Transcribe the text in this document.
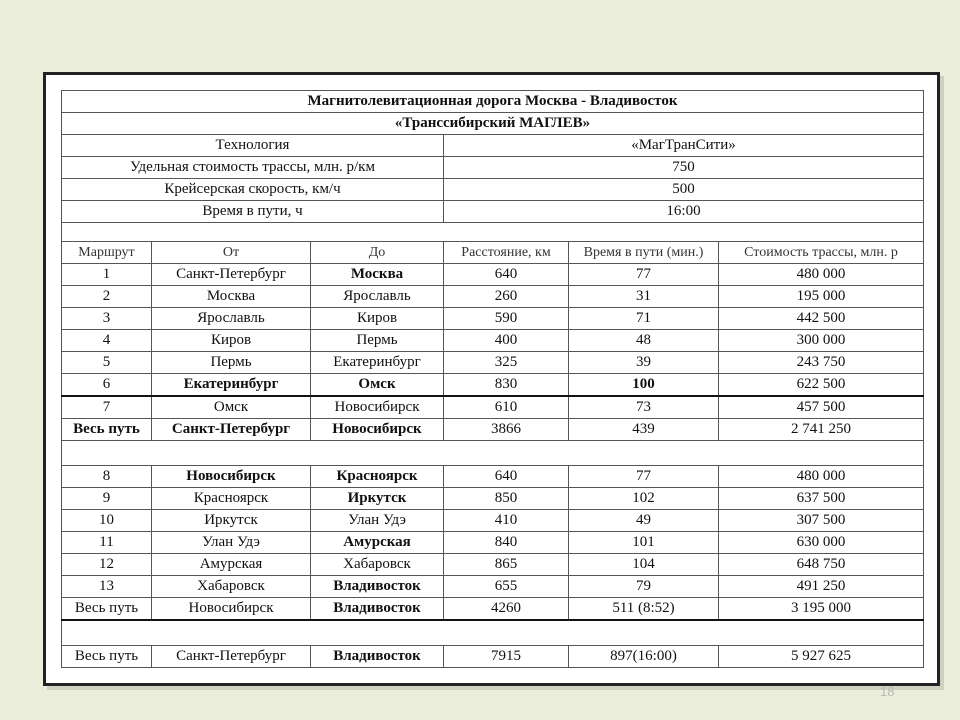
Магнитолевитационная дорога Москва - Владивосток					
«Транссибирский МАГЛЕВ»					
Технология			«МагТранСити»		
Удельная стоимость трассы, млн. р/км			750		
Крейсерская скорость, км/ч			500		
Время в пути, ч			16:00		

Маршрут	От	До	Расстояние, км	Время в пути (мин.)	Стоимость трассы, млн. р
1	Санкт-Петербург	Москва	640	77	480 000
2	Москва	Ярославль	260	31	195 000
3	Ярославль	Киров	590	71	442 500
4	Киров	Пермь	400	48	300 000
5	Пермь	Екатеринбург	325	39	243 750
6	Екатеринбург	Омск	830	100	622 500
7	Омск	Новосибирск	610	73	457 500
Весь путь	Санкт-Петербург	Новосибирск	3866	439	2 741 250

8	Новосибирск	Красноярск	640	77	480 000
9	Красноярск	Иркутск	850	102	637 500
10	Иркутск	Улан Удэ	410	49	307 500
11	Улан Удэ	Амурская	840	101	630 000
12	Амурская	Хабаровск	865	104	648 750
13	Хабаровск	Владивосток	655	79	491 250
Весь путь	Новосибирск	Владивосток	4260	511 (8:52)	3 195 000

Весь путь	Санкт-Петербург	Владивосток	7915	897(16:00)	5 927 625
18
